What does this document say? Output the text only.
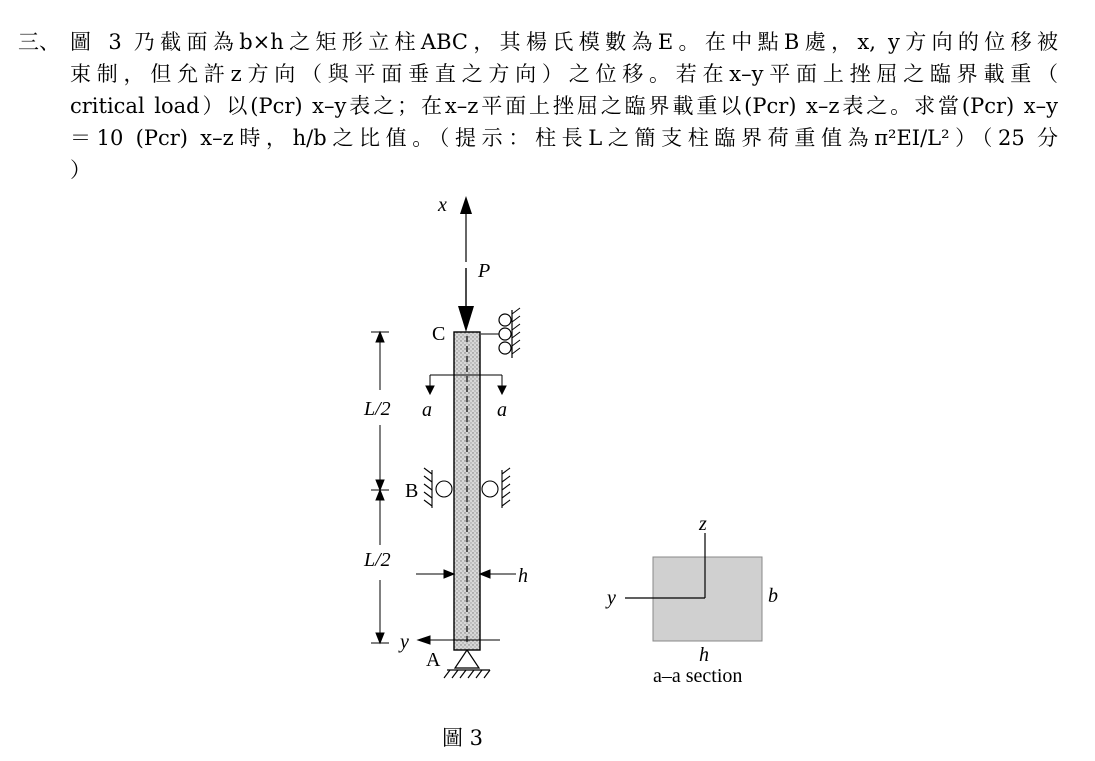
三、 圖 3 乃截面為b×h之矩形立柱ABC，其楊氏模數為E。在中點B處，x, y方向的位移被
束制，但允許z方向（與平面垂直之方向）之位移。若在x–y平面上挫屈之臨界載重（
critical load）以(Pcr) x–y表之；在x–z平面上挫屈之臨界載重以(Pcr) x–z表之。求當(Pcr) x–y
＝10 (Pcr) x–z時，h/b之比值。（提示：柱長L之簡支柱臨界荷重值為π²EI/L²）（25 分
）
x
P
C
L/2
L/2
a	a
B
h
y
A
z
y	b
h
a–a section
圖 3
